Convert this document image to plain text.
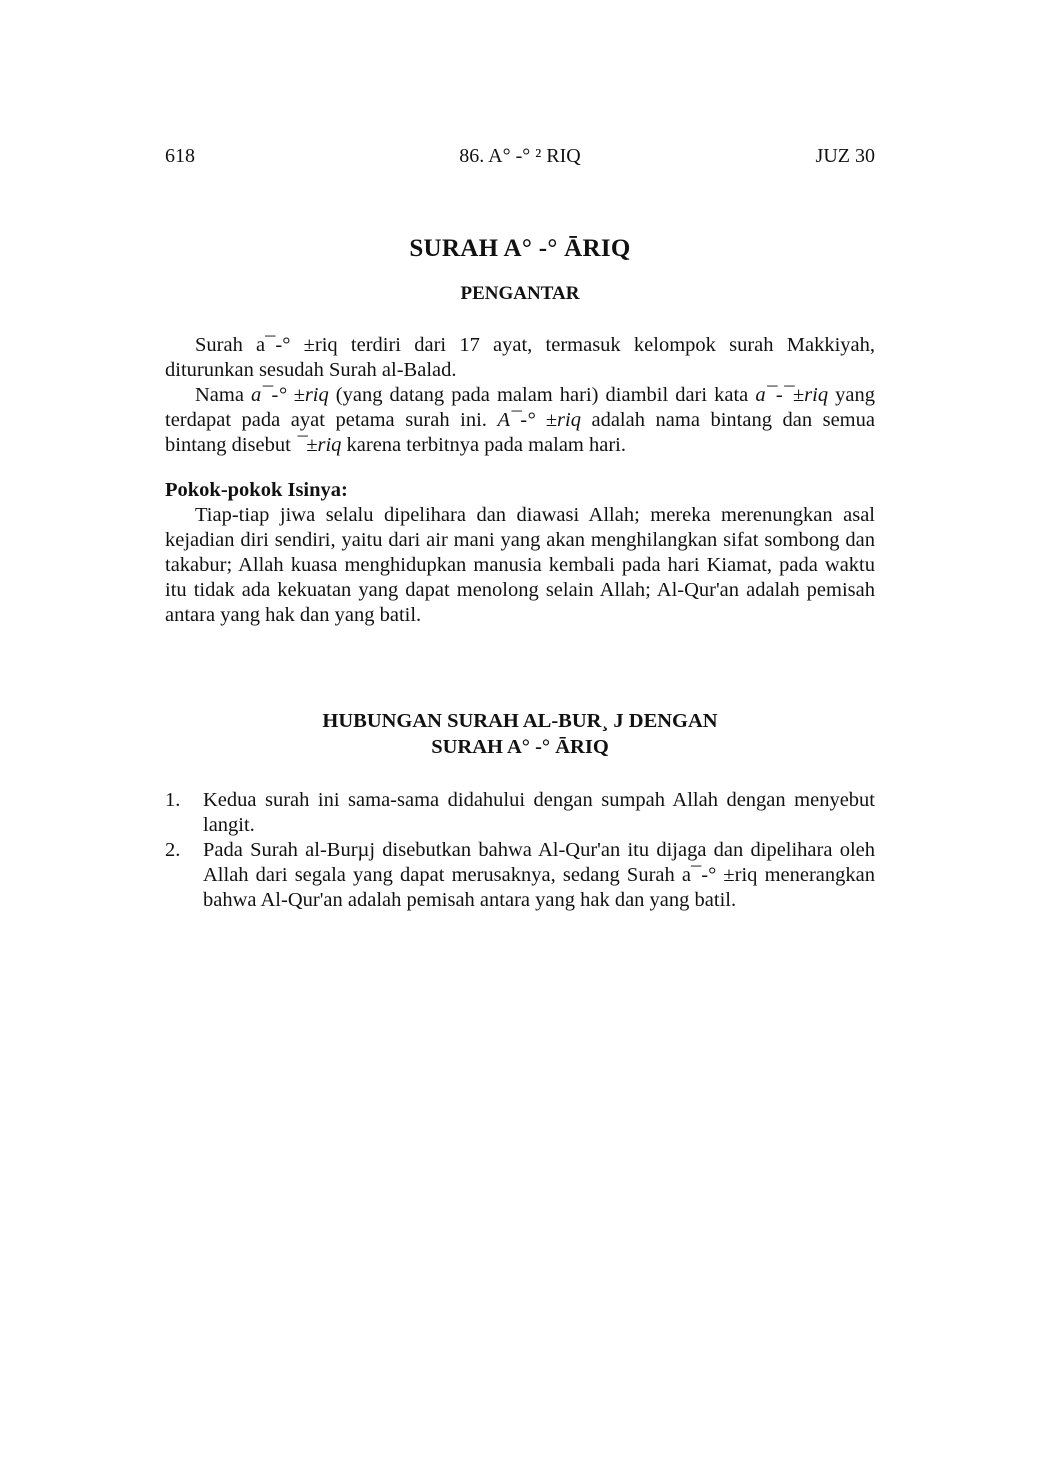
618	86. A° -° ² RIQ	JUZ 30
SURAH A° -° ĀRIQ
PENGANTAR

Surah a¯-° ±riq terdiri dari 17 ayat, termasuk kelompok surah Makkiyah, diturunkan sesudah Surah al-Balad.

Nama a¯-° ±riq (yang datang pada malam hari) diambil dari kata a¯-¯±riq yang terdapat pada ayat petama surah ini. A¯-° ±riq adalah nama bintang dan semua bintang disebut ¯±riq karena terbitnya pada malam hari.

Pokok-pokok Isinya:

Tiap-tiap jiwa selalu dipelihara dan diawasi Allah; mereka merenungkan asal kejadian diri sendiri, yaitu dari air mani yang akan menghilangkan sifat sombong dan takabur; Allah kuasa menghidupkan manusia kembali pada hari Kiamat, pada waktu itu tidak ada kekuatan yang dapat menolong selain Allah; Al-Qur'an adalah pemisah antara yang hak dan yang batil.

HUBUNGAN SURAH AL-BUR¸ J DENGAN
SURAH A° -° ĀRIQ
1. Kedua surah ini sama-sama didahului dengan sumpah Allah dengan menyebut langit.
2. Pada Surah al-Burµj disebutkan bahwa Al-Qur'an itu dijaga dan dipelihara oleh Allah dari segala yang dapat merusaknya, sedang Surah a¯-° ±riq menerangkan bahwa Al-Qur'an adalah pemisah antara yang hak dan yang batil.
